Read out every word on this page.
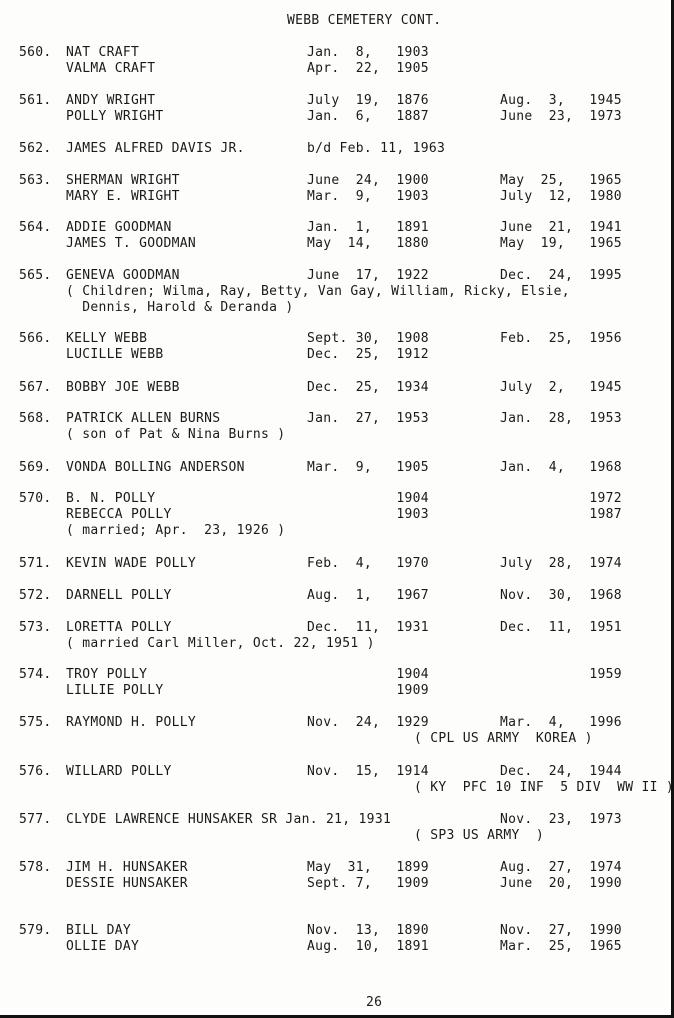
WEBB CEMETERY CONT.
560. NAT CRAFT	Jan.  8,   1903
VALMA CRAFT	Apr.  22,  1905
561. ANDY WRIGHT	July  19,  1876	Aug.  3,   1945
POLLY WRIGHT	Jan.  6,   1887	June  23,  1973
562. JAMES ALFRED DAVIS JR.	b/d Feb. 11, 1963
563. SHERMAN WRIGHT	June  24,  1900	May  25,   1965
MARY E. WRIGHT	Mar.  9,   1903	July  12,  1980
564. ADDIE GOODMAN	Jan.  1,   1891	June  21,  1941
JAMES T. GOODMAN	May  14,   1880	May  19,   1965
565. GENEVA GOODMAN	June  17,  1922	Dec.  24,  1995
( Children; Wilma, Ray, Betty, Van Gay, William, Ricky, Elsie,
Dennis, Harold & Deranda )
566. KELLY WEBB	Sept. 30,  1908	Feb.  25,  1956
LUCILLE WEBB	Dec.  25,  1912
567. BOBBY JOE WEBB	Dec.  25,  1934	July  2,   1945
568. PATRICK ALLEN BURNS	Jan.  27,  1953	Jan.  28,  1953
( son of Pat & Nina Burns )
569. VONDA BOLLING ANDERSON	Mar.  9,   1905	Jan.  4,   1968
570. B. N. POLLY	1904	1972
REBECCA POLLY	1903	1987
( married; Apr.  23, 1926 )
571. KEVIN WADE POLLY	Feb.  4,   1970	July  28,  1974
572. DARNELL POLLY	Aug.  1,   1967	Nov.  30,  1968
573. LORETTA POLLY	Dec.  11,  1931	Dec.  11,  1951
( married Carl Miller, Oct. 22, 1951 )
574. TROY POLLY	1904	1959
LILLIE POLLY	1909
575. RAYMOND H. POLLY	Nov.  24,  1929	Mar.  4,   1996
( CPL US ARMY  KOREA )
576. WILLARD POLLY	Nov.  15,  1914	Dec.  24,  1944
( KY  PFC 10 INF  5 DIV  WW II )
577. CLYDE LAWRENCE HUNSAKER SR Jan. 21, 1931	Nov.  23,  1973
( SP3 US ARMY  )
578. JIM H. HUNSAKER	May  31,   1899	Aug.  27,  1974
DESSIE HUNSAKER	Sept. 7,   1909	June  20,  1990
579. BILL DAY	Nov.  13,  1890	Nov.  27,  1990
OLLIE DAY	Aug.  10,  1891	Mar.  25,  1965
26
